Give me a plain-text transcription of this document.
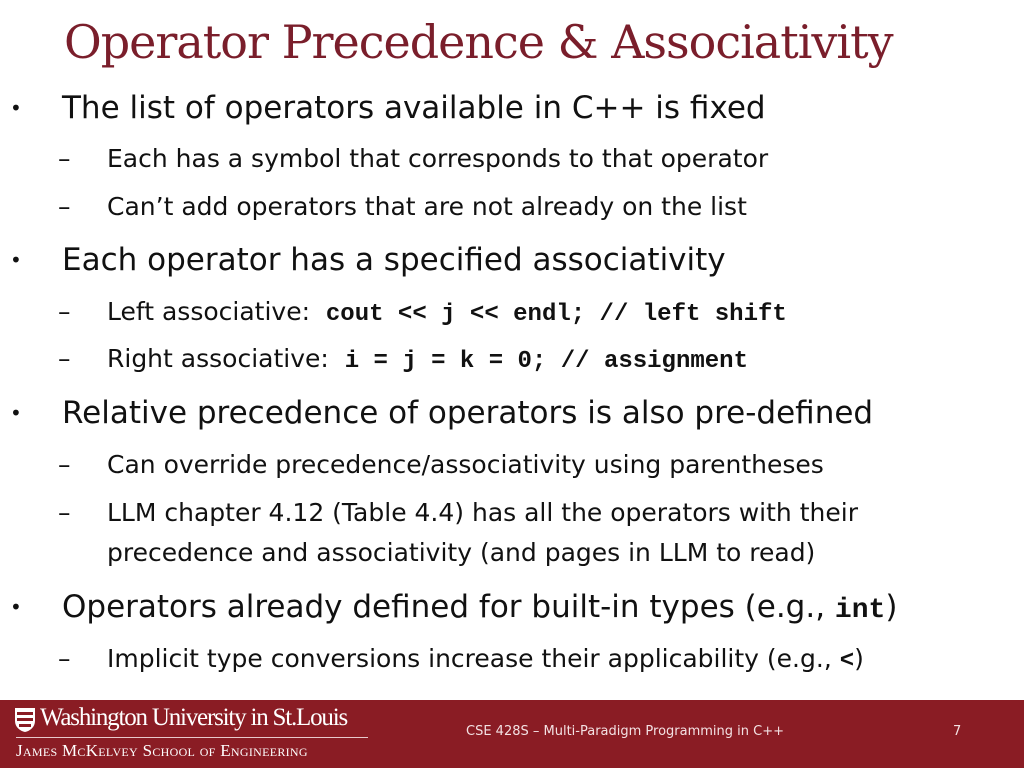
Operator Precedence & Associativity
• The list of operators available in C++ is fixed
– Each has a symbol that corresponds to that operator
– Can’t add operators that are not already on the list
• Each operator has a specified associativity
– Left associative:  cout << j << endl; // left shift
– Right associative:  i = j = k = 0; // assignment
• Relative precedence of operators is also pre-defined
– Can override precedence/associativity using parentheses
– LLM chapter 4.12 (Table 4.4) has all the operators with their
precedence and associativity (and pages in LLM to read)
• Operators already defined for built-in types (e.g., int)
– Implicit type conversions increase their applicability (e.g., <)
Washington University in St.Louis
James McKelvey School of Engineering
CSE 428S – Multi-Paradigm Programming in C++	7
